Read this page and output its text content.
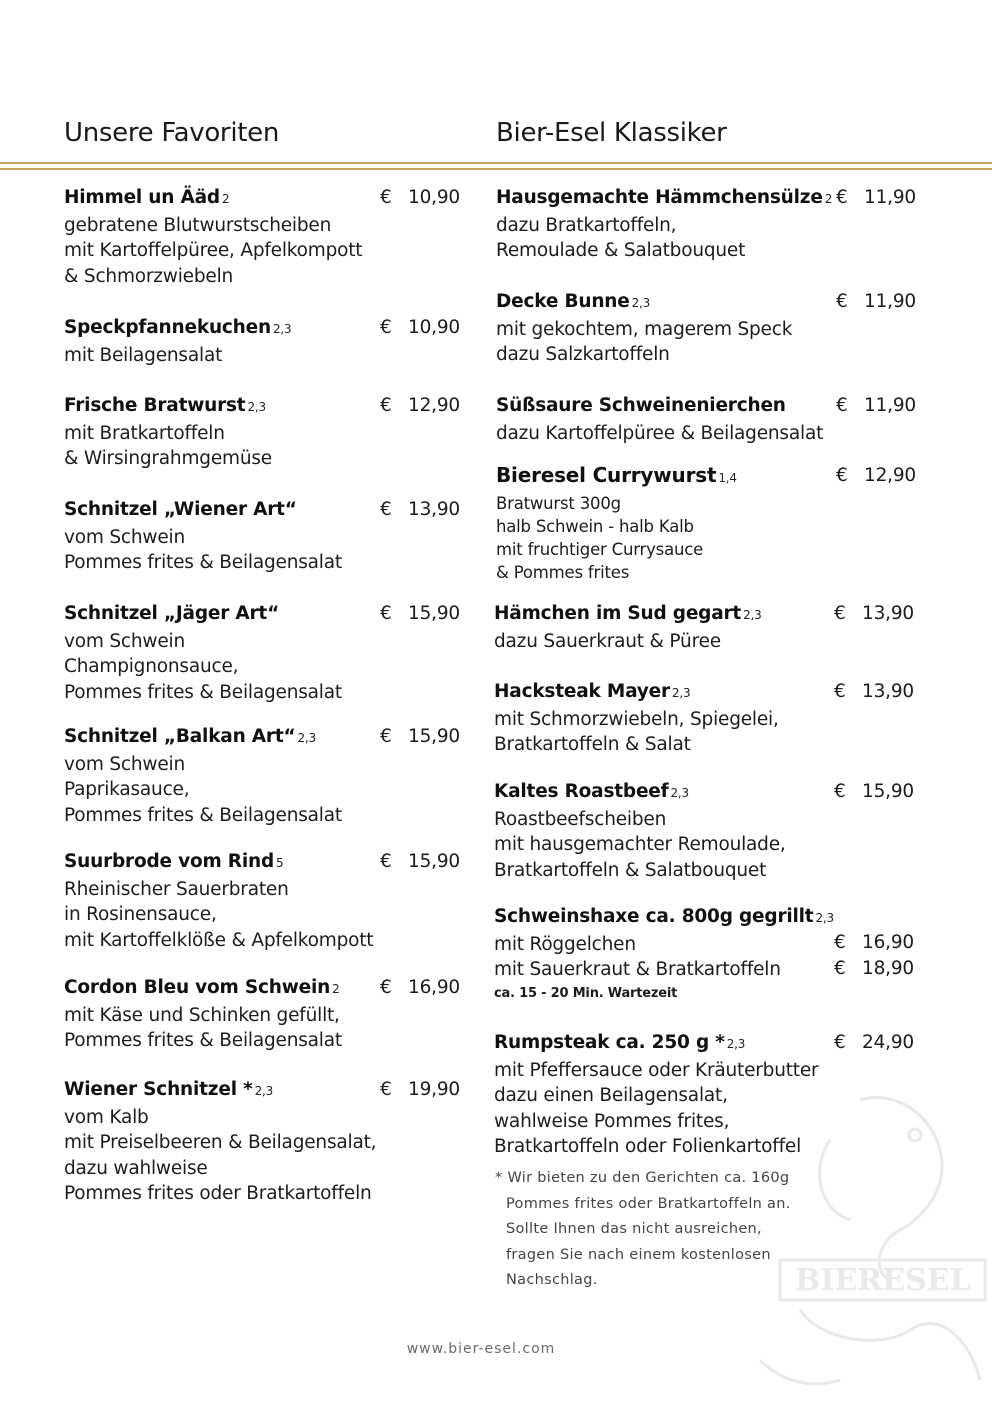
Unsere Favoriten	Bier-Esel Klassiker
Himmel un Ääd 2
gebratene Blutwurstscheiben
mit Kartoffelpüree, Apfelkompott
& Schmorzwiebeln
€ 10,90
Speckpfannekuchen 2,3
mit Beilagensalat
€ 10,90
Frische Bratwurst 2,3
mit Bratkartoffeln
& Wirsingrahmgemüse
€ 12,90
Schnitzel „Wiener Art“
vom Schwein
Pommes frites & Beilagensalat
€ 13,90
Schnitzel „Jäger Art“
vom Schwein
Champignonsauce,
Pommes frites & Beilagensalat
€ 15,90
Schnitzel „Balkan Art“ 2,3
vom Schwein
Paprikasauce,
Pommes frites & Beilagensalat
€ 15,90
Suurbrode vom Rind 5
Rheinischer Sauerbraten
in Rosinensauce,
mit Kartoffelklöße & Apfelkompott
€ 15,90
Cordon Bleu vom Schwein 2
mit Käse und Schinken gefüllt,
Pommes frites & Beilagensalat
€ 16,90
Wiener Schnitzel * 2,3
vom Kalb
mit Preiselbeeren & Beilagensalat,
dazu wahlweise
Pommes frites oder Bratkartoffeln
€ 19,90
Hausgemachte Hämmchensülze 2
dazu Bratkartoffeln,
Remoulade & Salatbouquet
€ 11,90
Decke Bunne 2,3
mit gekochtem, magerem Speck
dazu Salzkartoffeln
€ 11,90
Süßsaure Schweinenierchen
dazu Kartoffelpüree & Beilagensalat
€ 11,90
Bieresel Currywurst 1,4
Bratwurst 300g
halb Schwein - halb Kalb
mit fruchtiger Currysauce
& Pommes frites
€ 12,90
Hämchen im Sud gegart 2,3
dazu Sauerkraut & Püree
€ 13,90
Hacksteak Mayer 2,3
mit Schmorzwiebeln, Spiegelei,
Bratkartoffeln & Salat
€ 13,90
Kaltes Roastbeef 2,3
Roastbeefscheiben
mit hausgemachter Remoulade,
Bratkartoffeln & Salatbouquet
€ 15,90
Schweinshaxe ca. 800g gegrillt 2,3
mit Röggelchen
mit Sauerkraut & Bratkartoffeln
ca. 15 - 20 Min. Wartezeit
€ 16,90
€ 18,90
Rumpsteak ca. 250 g * 2,3
mit Pfeffersauce oder Kräuterbutter
dazu einen Beilagensalat,
wahlweise Pommes frites,
Bratkartoffeln oder Folienkartoffel
€ 24,90
* Wir bieten zu den Gerichten ca. 160g
Pommes frites oder Bratkartoffeln an.
Sollte Ihnen das nicht ausreichen,
fragen Sie nach einem kostenlosen
Nachschlag.	BIERESEL
www.bier-esel.com
